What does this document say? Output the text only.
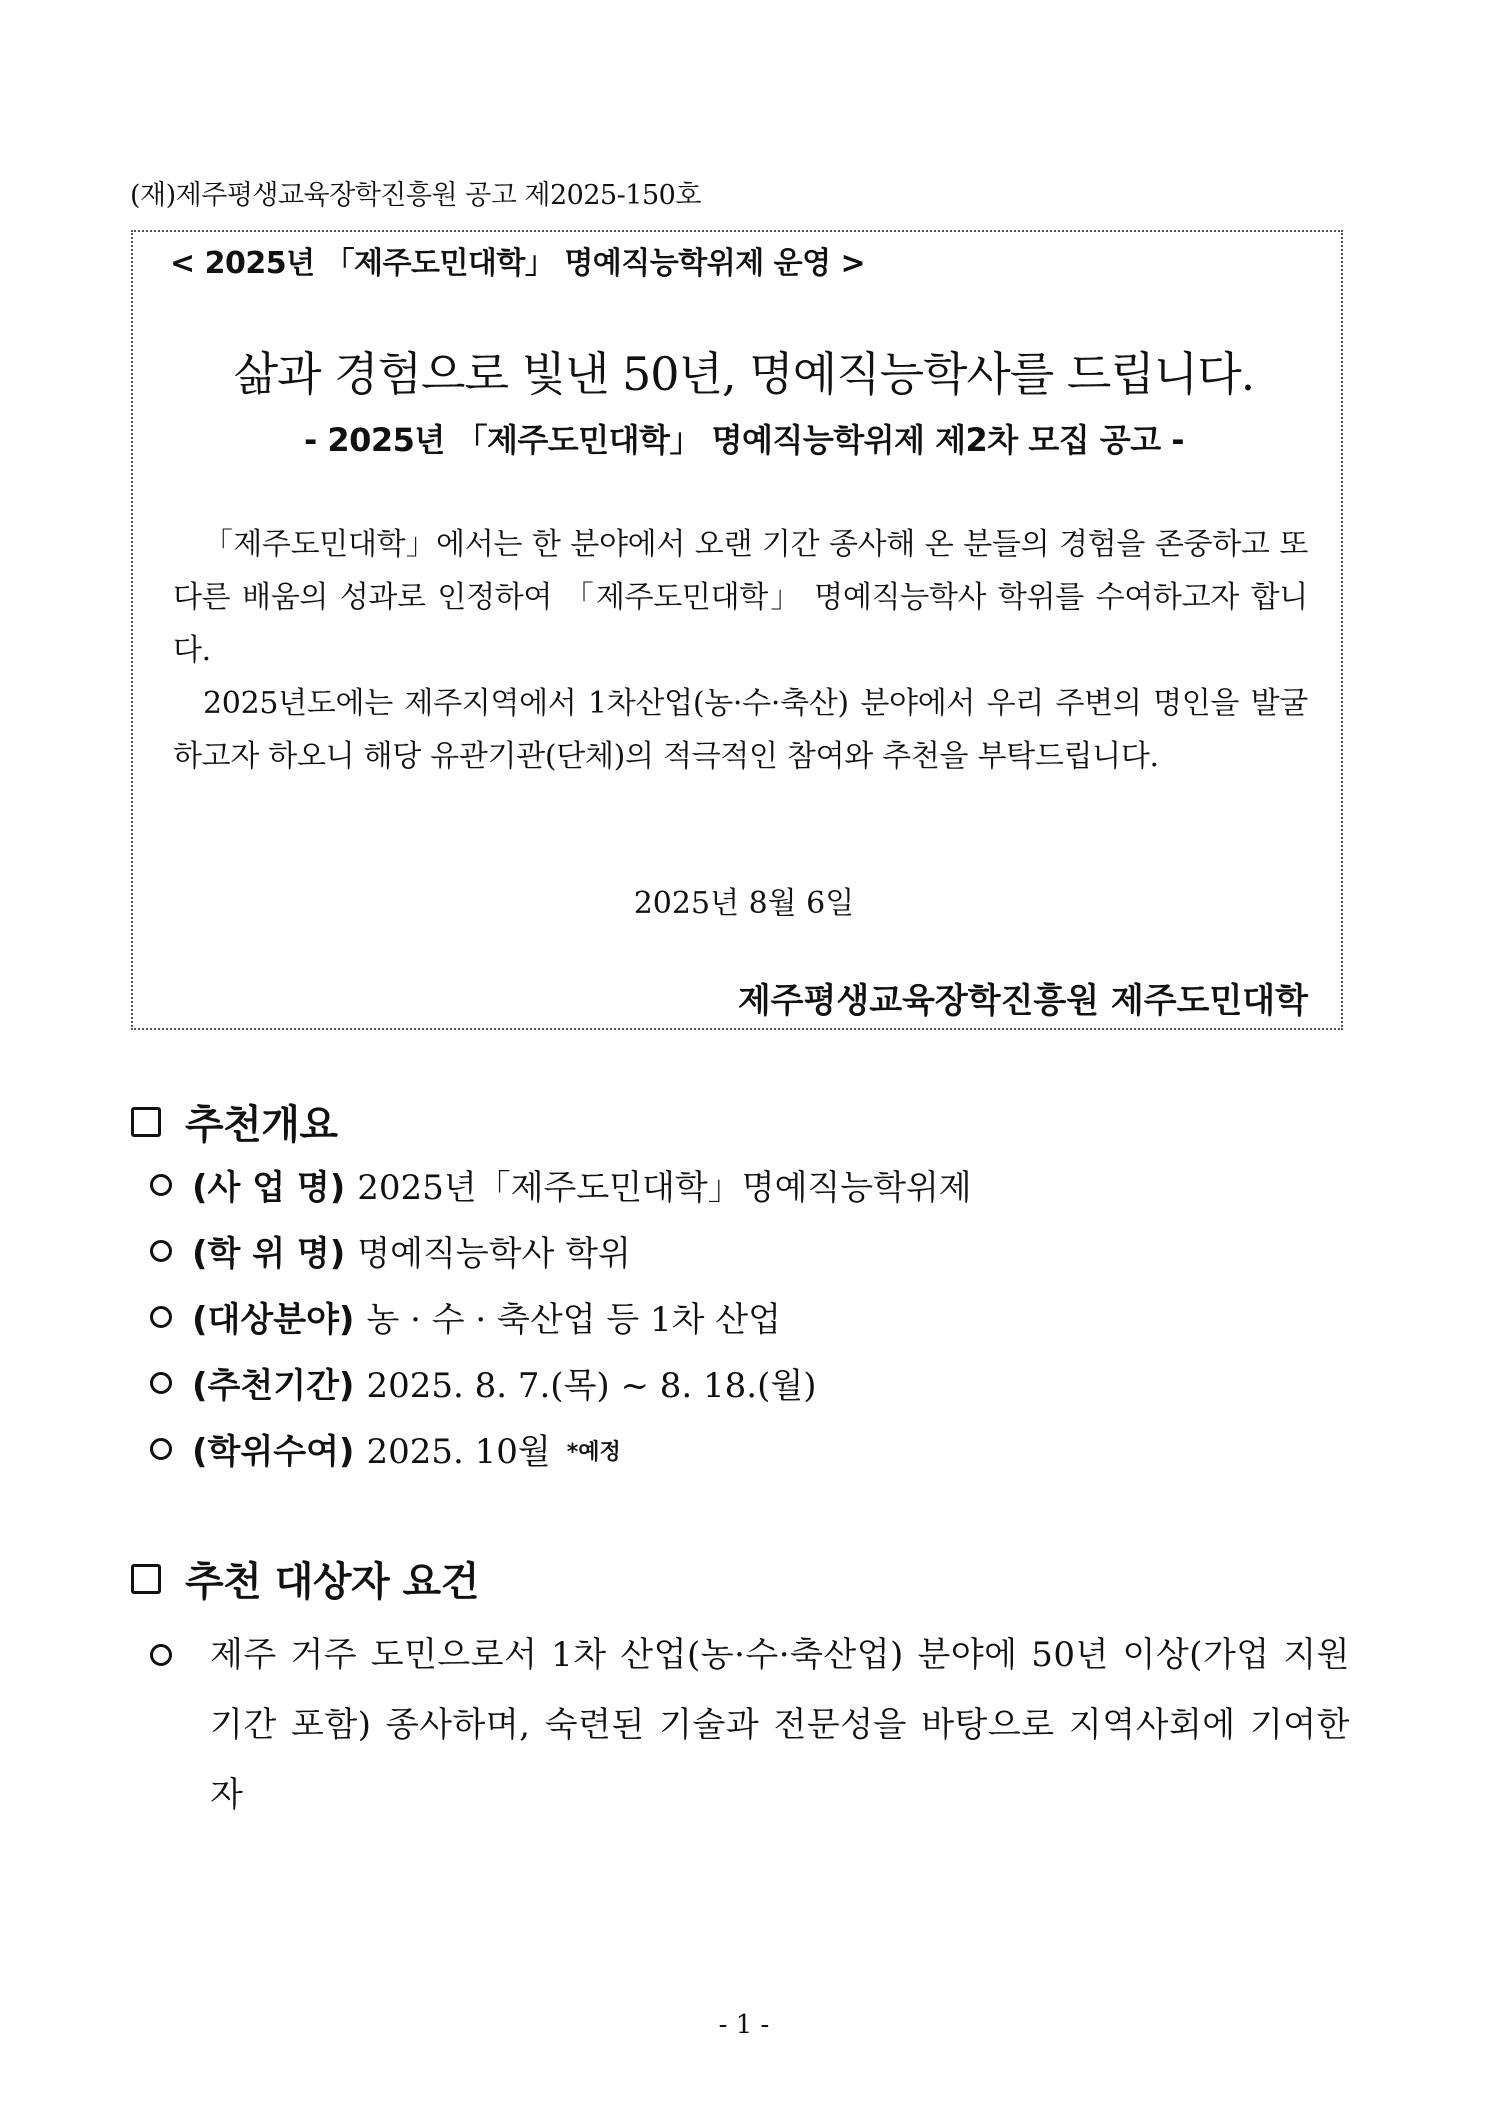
(재)제주평생교육장학진흥원 공고 제2025-150호
< 2025년 「제주도민대학」 명예직능학위제 운영 >
삶과 경험으로 빛낸 50년, 명예직능학사를 드립니다.
- 2025년 「제주도민대학」 명예직능학위제 제2차 모집 공고 -

「제주도민대학」에서는 한 분야에서 오랜 기간 종사해 온 분들의 경험을 존중하고 또 다른 배움의 성과로 인정하여 「제주도민대학」 명예직능학사 학위를 수여하고자 합니다.

2025년도에는 제주지역에서 1차산업(농·수·축산) 분야에서 우리 주변의 명인을 발굴하고자 하오니 해당 유관기관(단체)의 적극적인 참여와 추천을 부탁드립니다.

2025년 8월 6일
제주평생교육장학진흥원 제주도민대학
추천개요
(사 업 명) 2025년「제주도민대학」명예직능학위제
(학 위 명) 명예직능학사 학위
(대상분야) 농 · 수 · 축산업 등 1차 산업
(추천기간) 2025. 8. 7.(목) ~ 8. 18.(월)
(학위수여) 2025. 10월 *예정
추천 대상자 요건
제주 거주 도민으로서 1차 산업(농·수·축산업) 분야에 50년 이상(가업 지원기간 포함) 종사하며, 숙련된 기술과 전문성을 바탕으로 지역사회에 기여한 자
- 1 -
